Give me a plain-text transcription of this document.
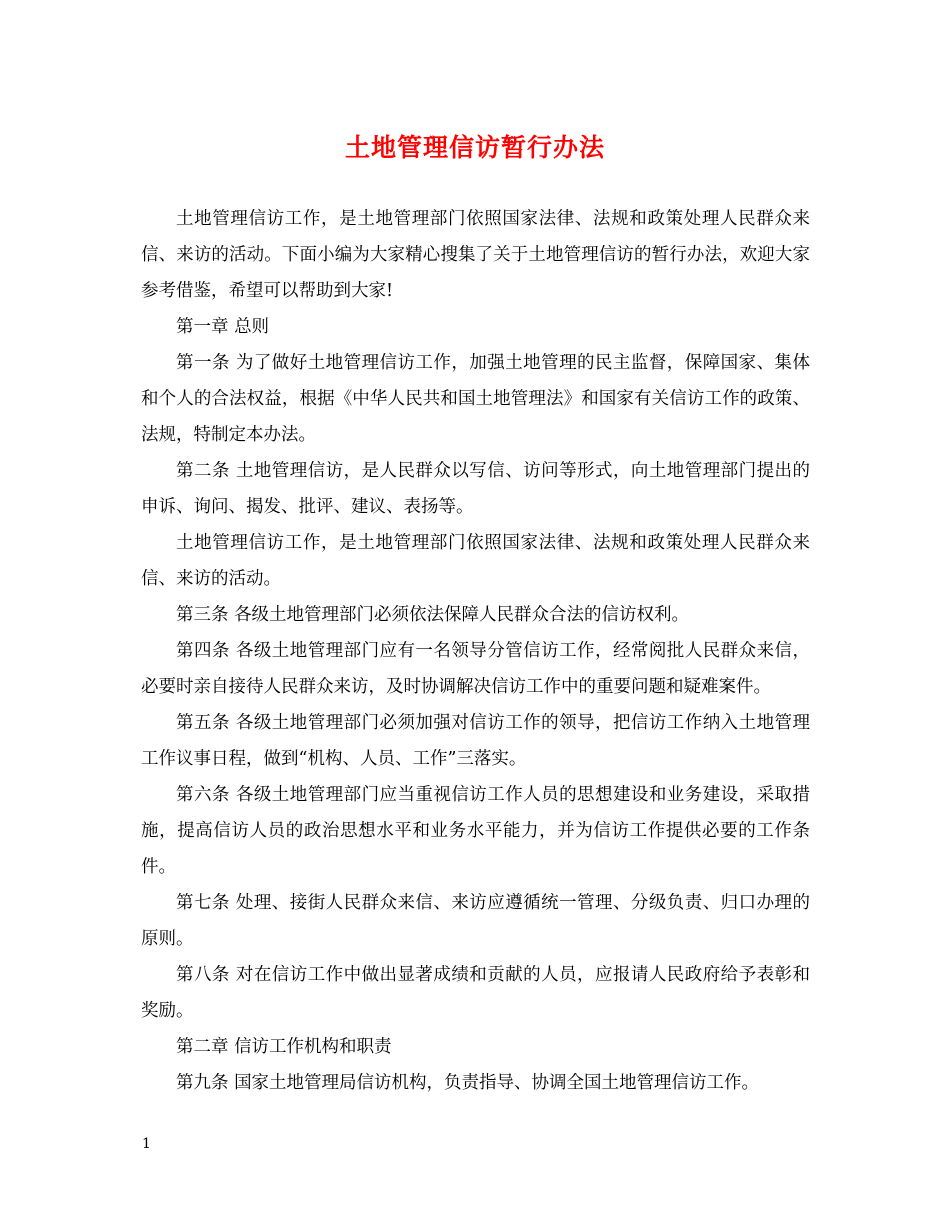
土地管理信访暂行办法

土地管理信访工作，是土地管理部门依照国家法律、法规和政策处理人民群众来信、来访的活动。下面小编为大家精心搜集了关于土地管理信访的暂行办法，欢迎大家参考借鉴，希望可以帮助到大家!

第一章 总则

第一条 为了做好土地管理信访工作，加强土地管理的民主监督，保障国家、集体和个人的合法权益，根据《中华人民共和国土地管理法》和国家有关信访工作的政策、法规，特制定本办法。

第二条 土地管理信访，是人民群众以写信、访问等形式，向土地管理部门提出的申诉、询问、揭发、批评、建议、表扬等。

土地管理信访工作，是土地管理部门依照国家法律、法规和政策处理人民群众来信、来访的活动。

第三条 各级土地管理部门必须依法保障人民群众合法的信访权利。

第四条 各级土地管理部门应有一名领导分管信访工作，经常阅批人民群众来信，必要时亲自接待人民群众来访，及时协调解决信访工作中的重要问题和疑难案件。

第五条 各级土地管理部门必须加强对信访工作的领导，把信访工作纳入土地管理工作议事日程，做到“机构、人员、工作”三落实。

第六条 各级土地管理部门应当重视信访工作人员的思想建设和业务建设，采取措施，提高信访人员的政治思想水平和业务水平能力，并为信访工作提供必要的工作条件。

第七条 处理、接街人民群众来信、来访应遵循统一管理、分级负责、归口办理的原则。

第八条 对在信访工作中做出显著成绩和贡献的人员，应报请人民政府给予表彰和奖励。

第二章 信访工作机构和职责

第九条 国家土地管理局信访机构，负责指导、协调全国土地管理信访工作。

1
